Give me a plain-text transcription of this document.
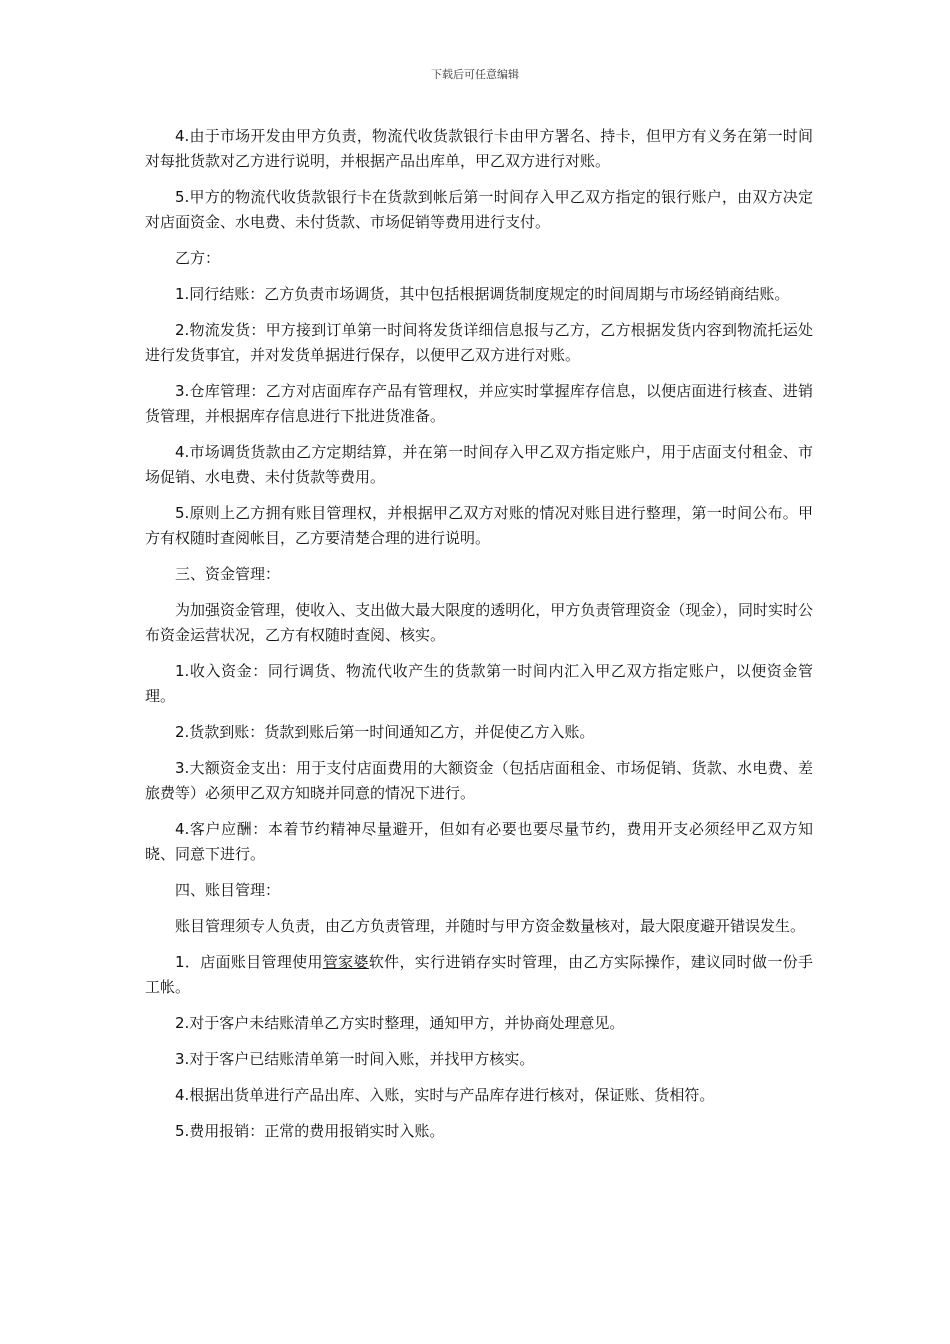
下载后可任意编辑

4.由于市场开发由甲方负责，物流代收货款银行卡由甲方署名、持卡，但甲方有义务在第一时间对每批货款对乙方进行说明，并根据产品出库单，甲乙双方进行对账。

5.甲方的物流代收货款银行卡在货款到帐后第一时间存入甲乙双方指定的银行账户，由双方决定对店面资金、水电费、未付货款、市场促销等费用进行支付。

乙方：

1.同行结账：乙方负责市场调货，其中包括根据调货制度规定的时间周期与市场经销商结账。

2.物流发货：甲方接到订单第一时间将发货详细信息报与乙方，乙方根据发货内容到物流托运处进行发货事宜，并对发货单据进行保存，以便甲乙双方进行对账。

3.仓库管理：乙方对店面库存产品有管理权，并应实时掌握库存信息，以便店面进行核查、进销货管理，并根据库存信息进行下批进货准备。

4.市场调货货款由乙方定期结算，并在第一时间存入甲乙双方指定账户，用于店面支付租金、市场促销、水电费、未付货款等费用。

5.原则上乙方拥有账目管理权，并根据甲乙双方对账的情况对账目进行整理，第一时间公布。甲方有权随时查阅帐目，乙方要清楚合理的进行说明。

三、资金管理：

为加强资金管理，使收入、支出做大最大限度的透明化，甲方负责管理资金（现金），同时实时公布资金运营状况，乙方有权随时查阅、核实。

1.收入资金：同行调货、物流代收产生的货款第一时间内汇入甲乙双方指定账户，以便资金管理。

2.货款到账：货款到账后第一时间通知乙方，并促使乙方入账。

3.大额资金支出：用于支付店面费用的大额资金（包括店面租金、市场促销、货款、水电费、差旅费等）必须甲乙双方知晓并同意的情况下进行。

4.客户应酬：本着节约精神尽量避开，但如有必要也要尽量节约，费用开支必须经甲乙双方知晓、同意下进行。

四、账目管理：

账目管理须专人负责，由乙方负责管理，并随时与甲方资金数量核对，最大限度避开错误发生。

1．店面账目管理使用管家婆软件，实行进销存实时管理，由乙方实际操作，建议同时做一份手工帐。

2.对于客户未结账清单乙方实时整理，通知甲方，并协商处理意见。

3.对于客户已结账清单第一时间入账，并找甲方核实。

4.根据出货单进行产品出库、入账，实时与产品库存进行核对，保证账、货相符。

5.费用报销：正常的费用报销实时入账。
